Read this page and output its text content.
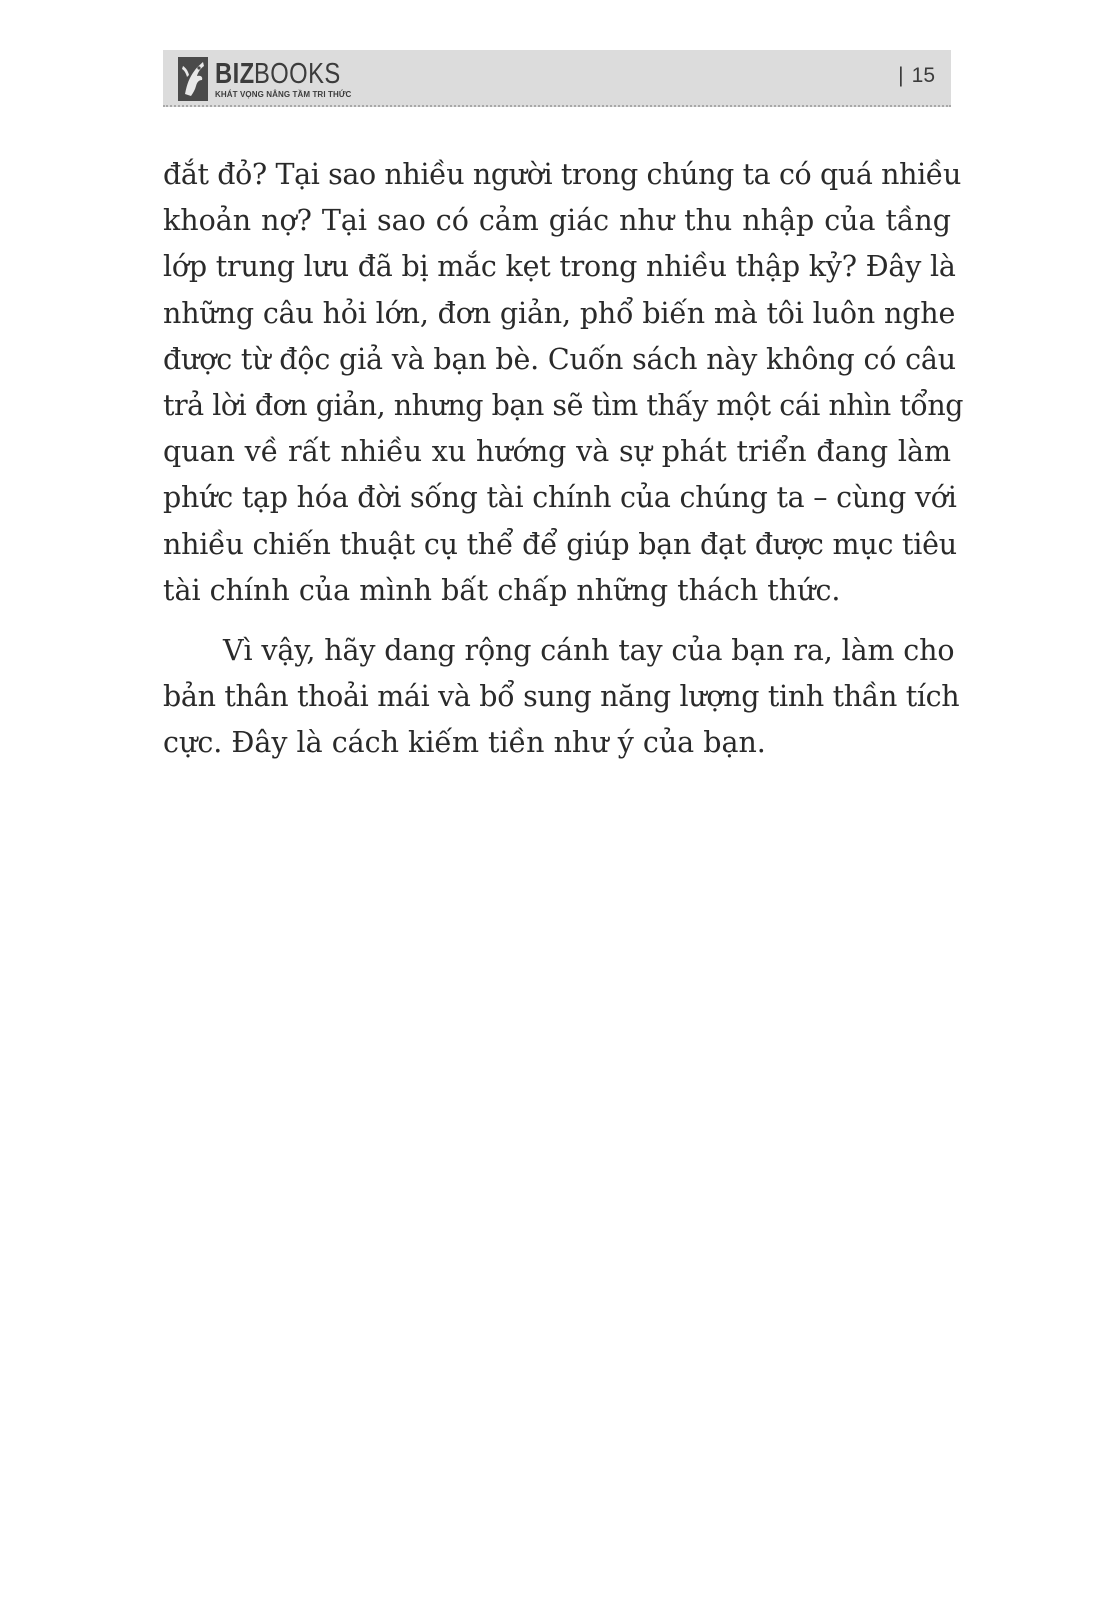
BIZBOOKS
KHÁT VỌNG NÂNG TẦM TRI THỨC
| 15

đắt đỏ? Tại sao nhiều người trong chúng ta có quá nhiều
khoản nợ? Tại sao có cảm giác như thu nhập của tầng
lớp trung lưu đã bị mắc kẹt trong nhiều thập kỷ? Đây là
những câu hỏi lớn, đơn giản, phổ biến mà tôi luôn nghe
được từ độc giả và bạn bè. Cuốn sách này không có câu
trả lời đơn giản, nhưng bạn sẽ tìm thấy một cái nhìn tổng
quan về rất nhiều xu hướng và sự phát triển đang làm
phức tạp hóa đời sống tài chính của chúng ta – cùng với
nhiều chiến thuật cụ thể để giúp bạn đạt được mục tiêu
tài chính của mình bất chấp những thách thức.

Vì vậy, hãy dang rộng cánh tay của bạn ra, làm cho
bản thân thoải mái và bổ sung năng lượng tinh thần tích
cực. Đây là cách kiếm tiền như ý của bạn.
